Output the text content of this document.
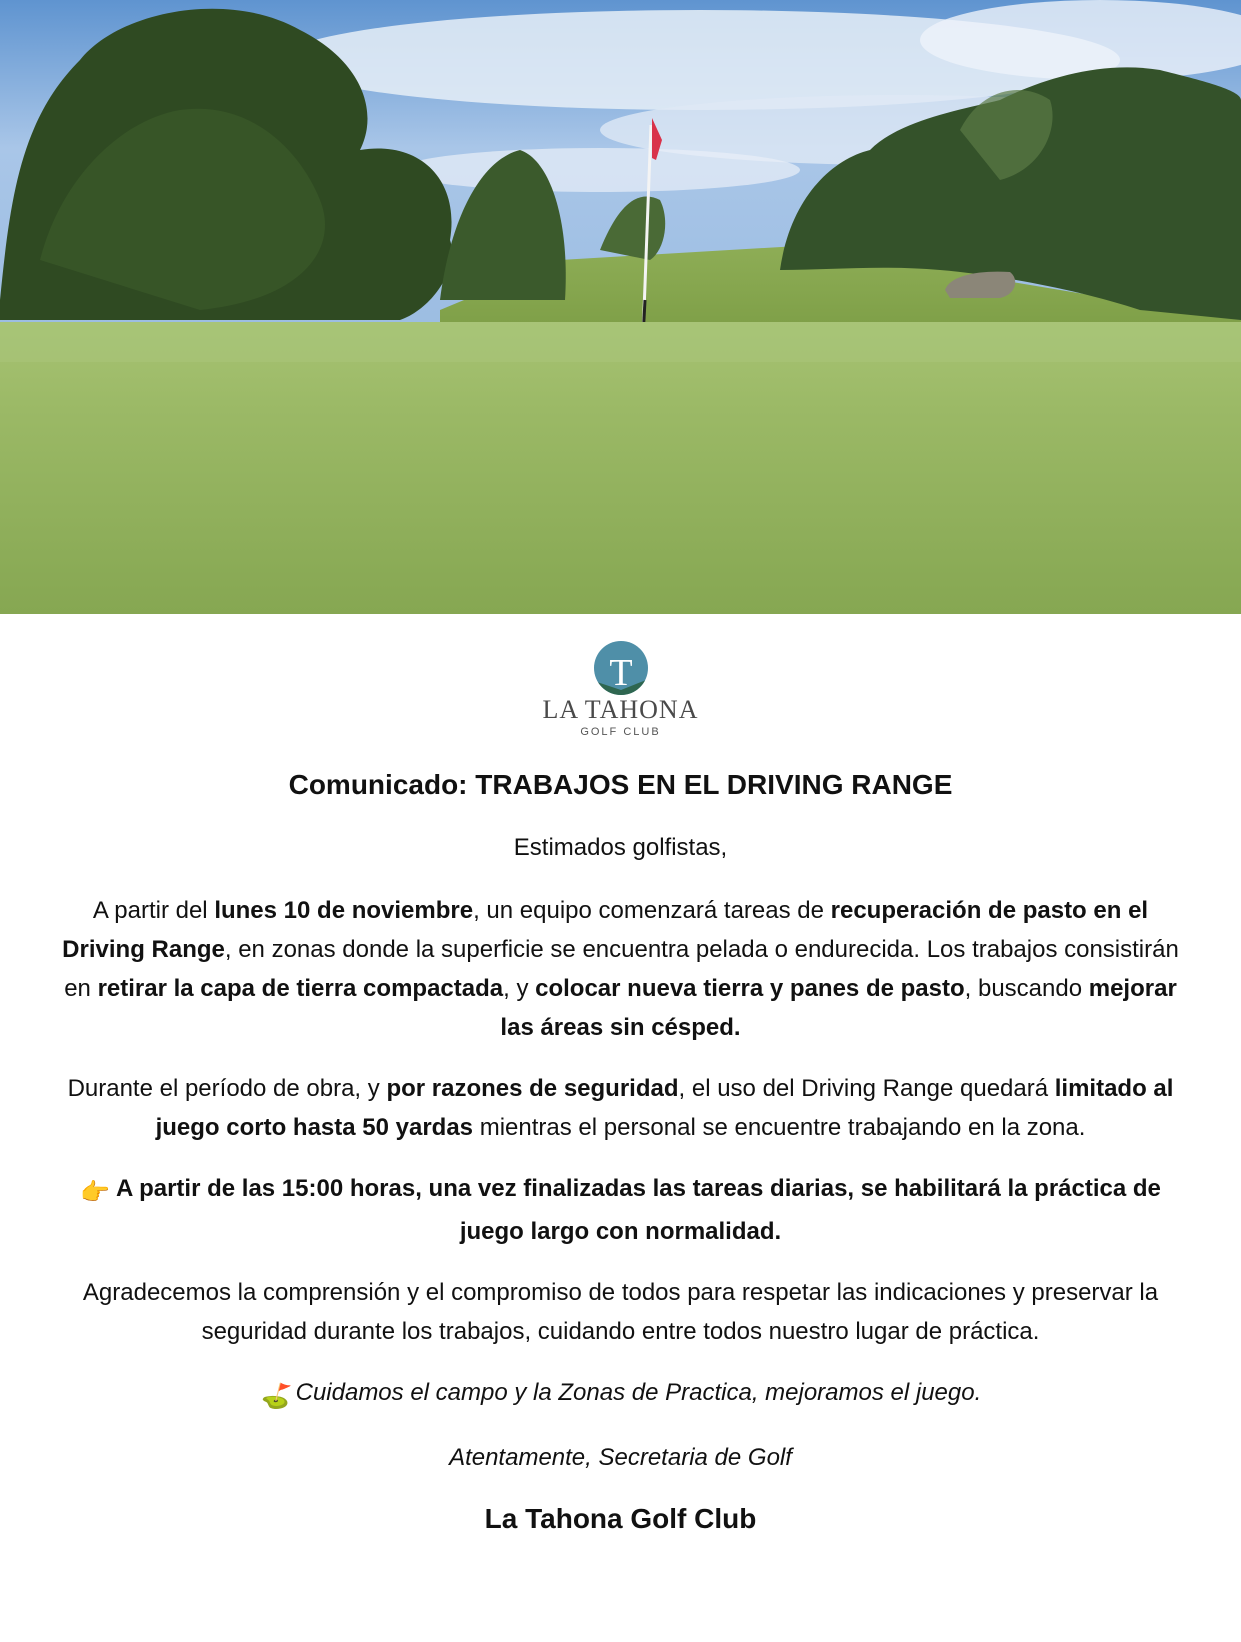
T
LA TAHONA
GOLF CLUB
Comunicado: TRABAJOS EN EL DRIVING RANGE

Estimados golfistas,

A partir del lunes 10 de noviembre, un equipo comenzará tareas de recuperación de pasto en el Driving Range, en zonas donde la superficie se encuentra pelada o endurecida. Los trabajos consistirán en retirar la capa de tierra compactada, y colocar nueva tierra y panes de pasto, buscando mejorar las áreas sin césped.

Durante el período de obra, y por razones de seguridad, el uso del Driving Range quedará limitado al juego corto hasta 50 yardas mientras el personal se encuentre trabajando en la zona.

👉 A partir de las 15:00 horas, una vez finalizadas las tareas diarias, se habilitará la práctica de juego largo con normalidad.

Agradecemos la comprensión y el compromiso de todos para respetar las indicaciones y preservar la seguridad durante los trabajos, cuidando entre todos nuestro lugar de práctica.

⛳ Cuidamos el campo y la Zonas de Practica, mejoramos el juego.

Atentamente, Secretaria de Golf

La Tahona Golf Club
